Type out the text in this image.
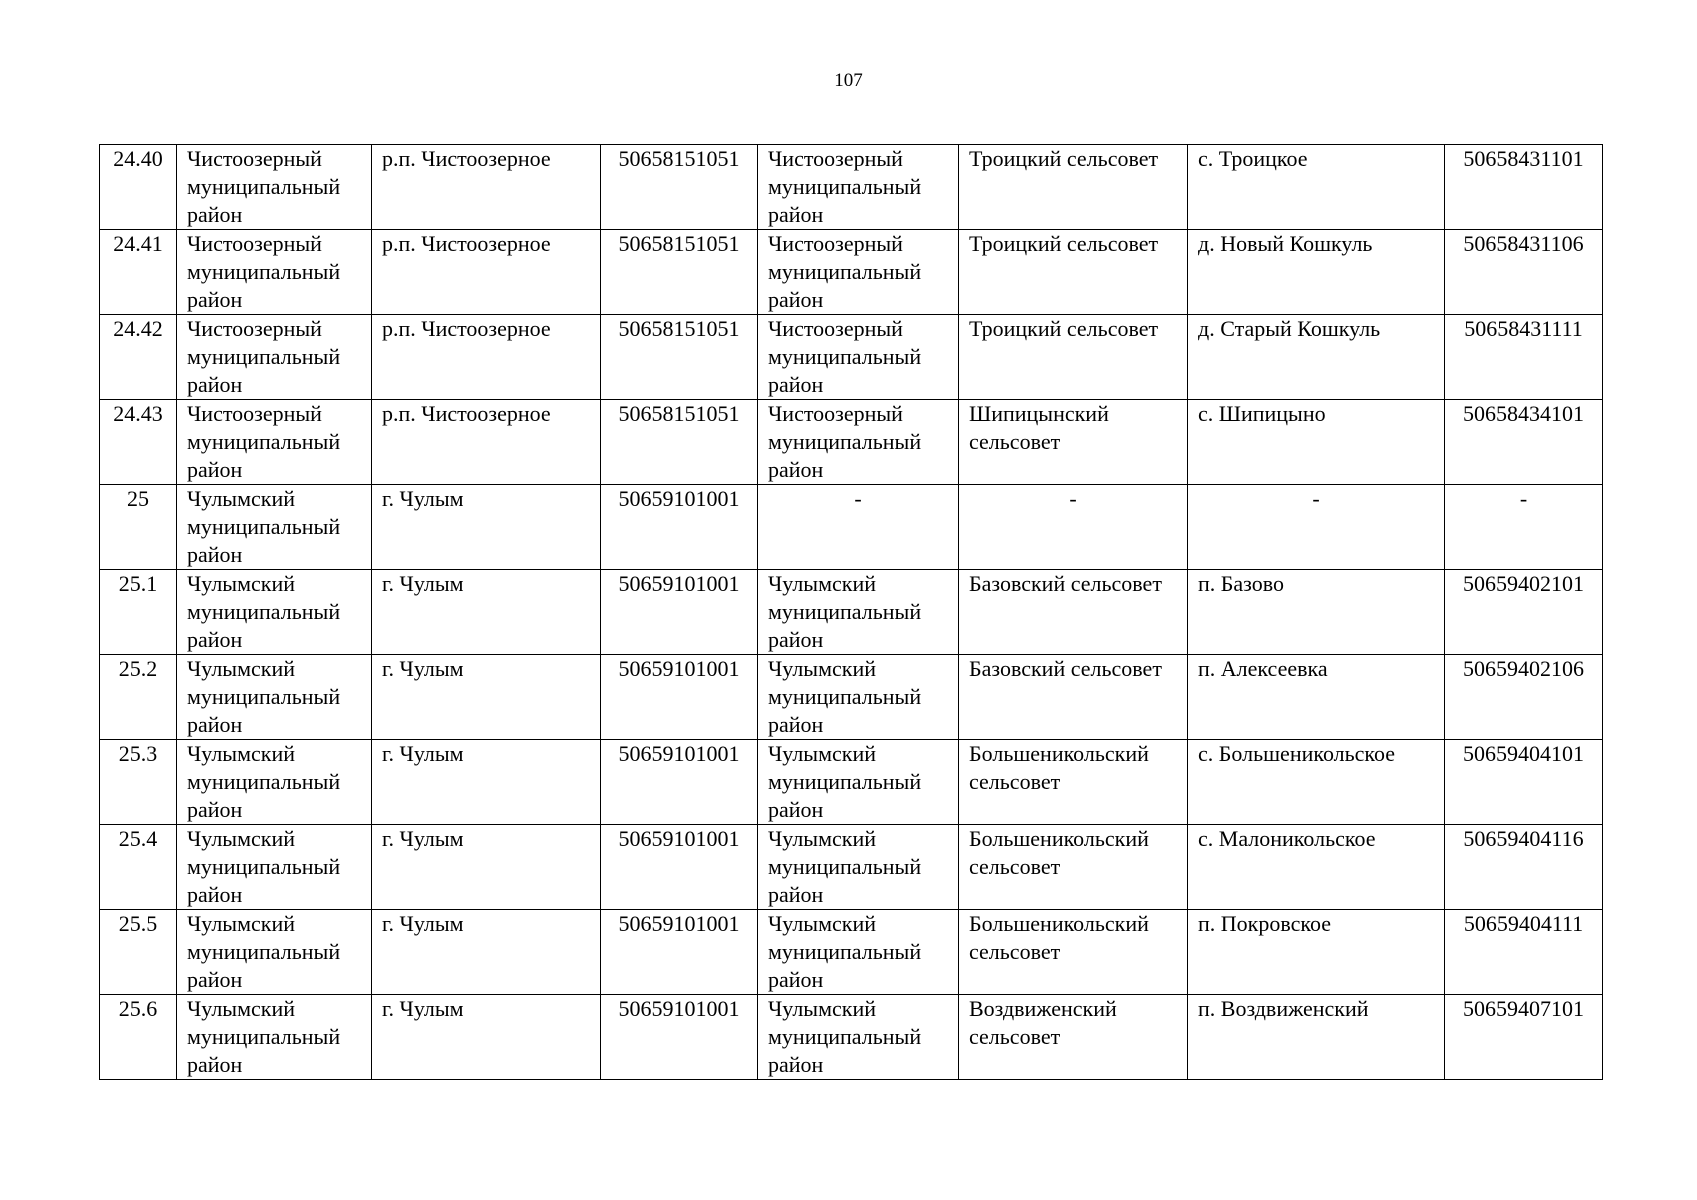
107
24.40	Чистоозерный муниципальный район	р.п. Чистоозерное	50658151051	Чистоозерный муниципальный район	Троицкий сельсовет	с. Троицкое	50658431101
24.41	Чистоозерный муниципальный район	р.п. Чистоозерное	50658151051	Чистоозерный муниципальный район	Троицкий сельсовет	д. Новый Кошкуль	50658431106
24.42	Чистоозерный муниципальный район	р.п. Чистоозерное	50658151051	Чистоозерный муниципальный район	Троицкий сельсовет	д. Старый Кошкуль	50658431111
24.43	Чистоозерный муниципальный район	р.п. Чистоозерное	50658151051	Чистоозерный муниципальный район	Шипицынский сельсовет	с. Шипицыно	50658434101
25	Чулымский муниципальный район	г. Чулым	50659101001	-	-	-	-
25.1	Чулымский муниципальный район	г. Чулым	50659101001	Чулымский муниципальный район	Базовский сельсовет	п. Базово	50659402101
25.2	Чулымский муниципальный район	г. Чулым	50659101001	Чулымский муниципальный район	Базовский сельсовет	п. Алексеевка	50659402106
25.3	Чулымский муниципальный район	г. Чулым	50659101001	Чулымский муниципальный район	Большеникольский сельсовет	с. Большеникольское	50659404101
25.4	Чулымский муниципальный район	г. Чулым	50659101001	Чулымский муниципальный район	Большеникольский сельсовет	с. Малоникольское	50659404116
25.5	Чулымский муниципальный район	г. Чулым	50659101001	Чулымский муниципальный район	Большеникольский сельсовет	п. Покровское	50659404111
25.6	Чулымский муниципальный район	г. Чулым	50659101001	Чулымский муниципальный район	Воздвиженский сельсовет	п. Воздвиженский	50659407101
